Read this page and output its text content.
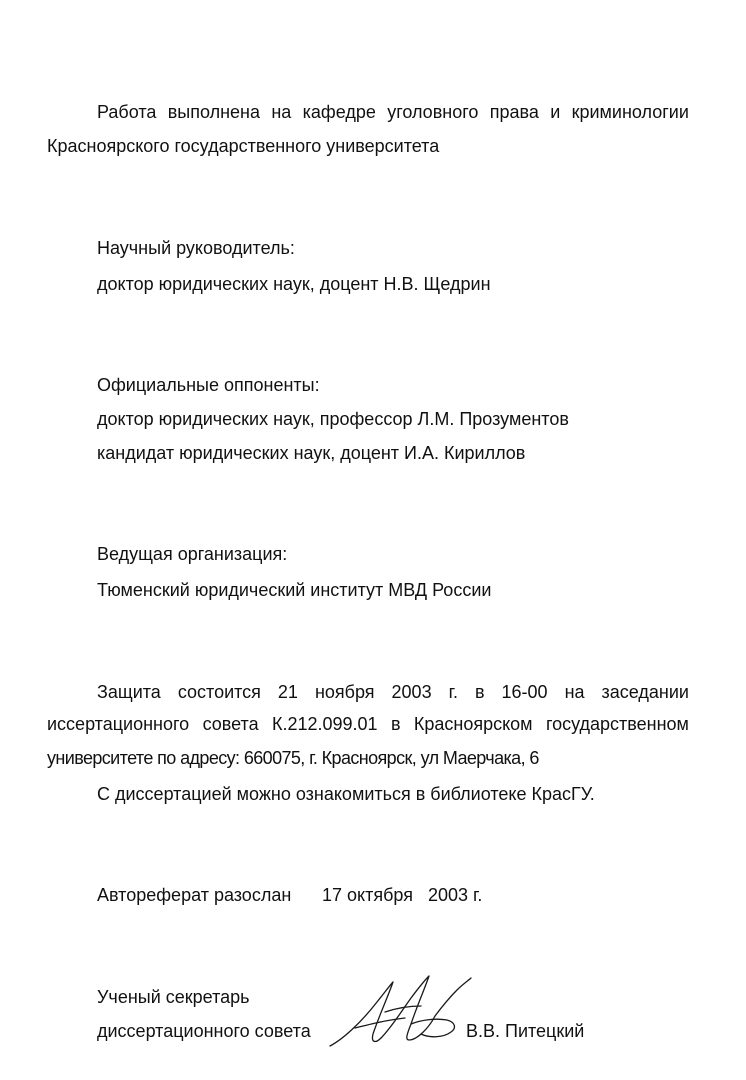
Работа выполнена на кафедре уголовного права и криминологии
Красноярского государственного университета
Научный руководитель:
доктор юридических наук, доцент Н.В. Щедрин
Официальные оппоненты:
доктор юридических наук, профессор Л.М. Прозументов
кандидат юридических наук, доцент И.А. Кириллов
Ведущая организация:
Тюменский юридический институт МВД России
Защита состоится 21 ноября 2003 г. в 16-00 на заседании
иссертационного совета К.212.099.01 в Красноярском государственном
университете по адресу: 660075, г. Красноярск, ул Маерчака, 6
С диссертацией можно ознакомиться в библиотеке КрасГУ.
Автореферат разослан 17 октября   2003 г.
Ученый секретарь
диссертационного совета	В.В. Питецкий
